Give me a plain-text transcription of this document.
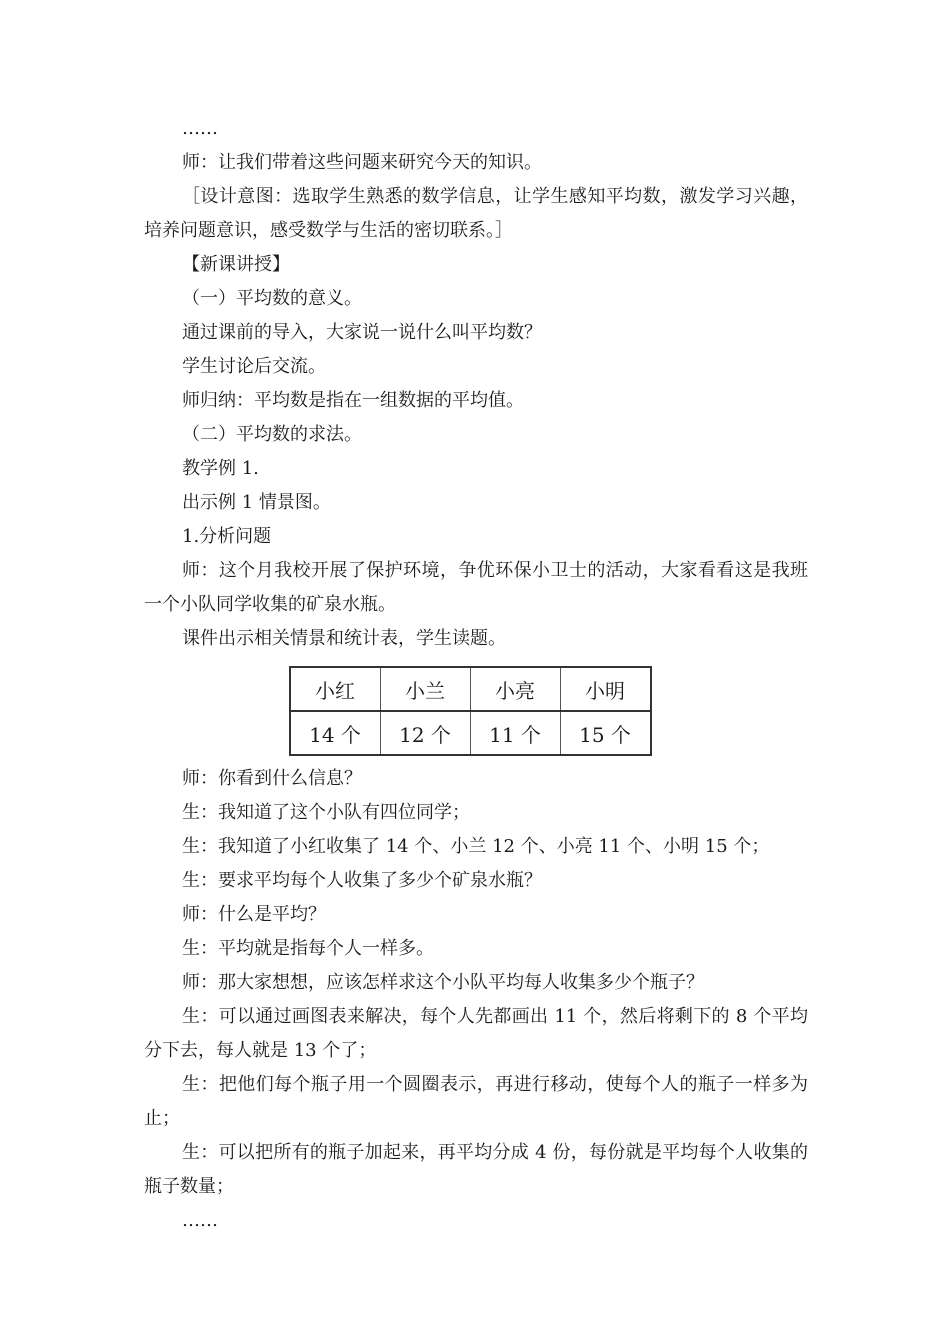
……

师：让我们带着这些问题来研究今天的知识。

［设计意图：选取学生熟悉的数学信息，让学生感知平均数，激发学习兴趣，培养问题意识，感受数学与生活的密切联系。］

【新课讲授】

（一）平均数的意义。

通过课前的导入，大家说一说什么叫平均数？

学生讨论后交流。

师归纳：平均数是指在一组数据的平均值。

（二）平均数的求法。

教学例 1.

出示例 1 情景图。

1.分析问题

师：这个月我校开展了保护环境，争优环保小卫士的活动，大家看看这是我班一个小队同学收集的矿泉水瓶。

课件出示相关情景和统计表，学生读题。

小红	小兰	小亮	小明
14 个	12 个	11 个	15 个

师：你看到什么信息？

生：我知道了这个小队有四位同学；

生：我知道了小红收集了 14 个、小兰 12 个、小亮 11 个、小明 15 个；

生：要求平均每个人收集了多少个矿泉水瓶？

师：什么是平均？

生：平均就是指每个人一样多。

师：那大家想想，应该怎样求这个小队平均每人收集多少个瓶子？

生：可以通过画图表来解决，每个人先都画出 11 个，然后将剩下的 8 个平均分下去，每人就是 13 个了；

生：把他们每个瓶子用一个圆圈表示，再进行移动，使每个人的瓶子一样多为止；

生：可以把所有的瓶子加起来，再平均分成 4 份，每份就是平均每个人收集的瓶子数量；

……
